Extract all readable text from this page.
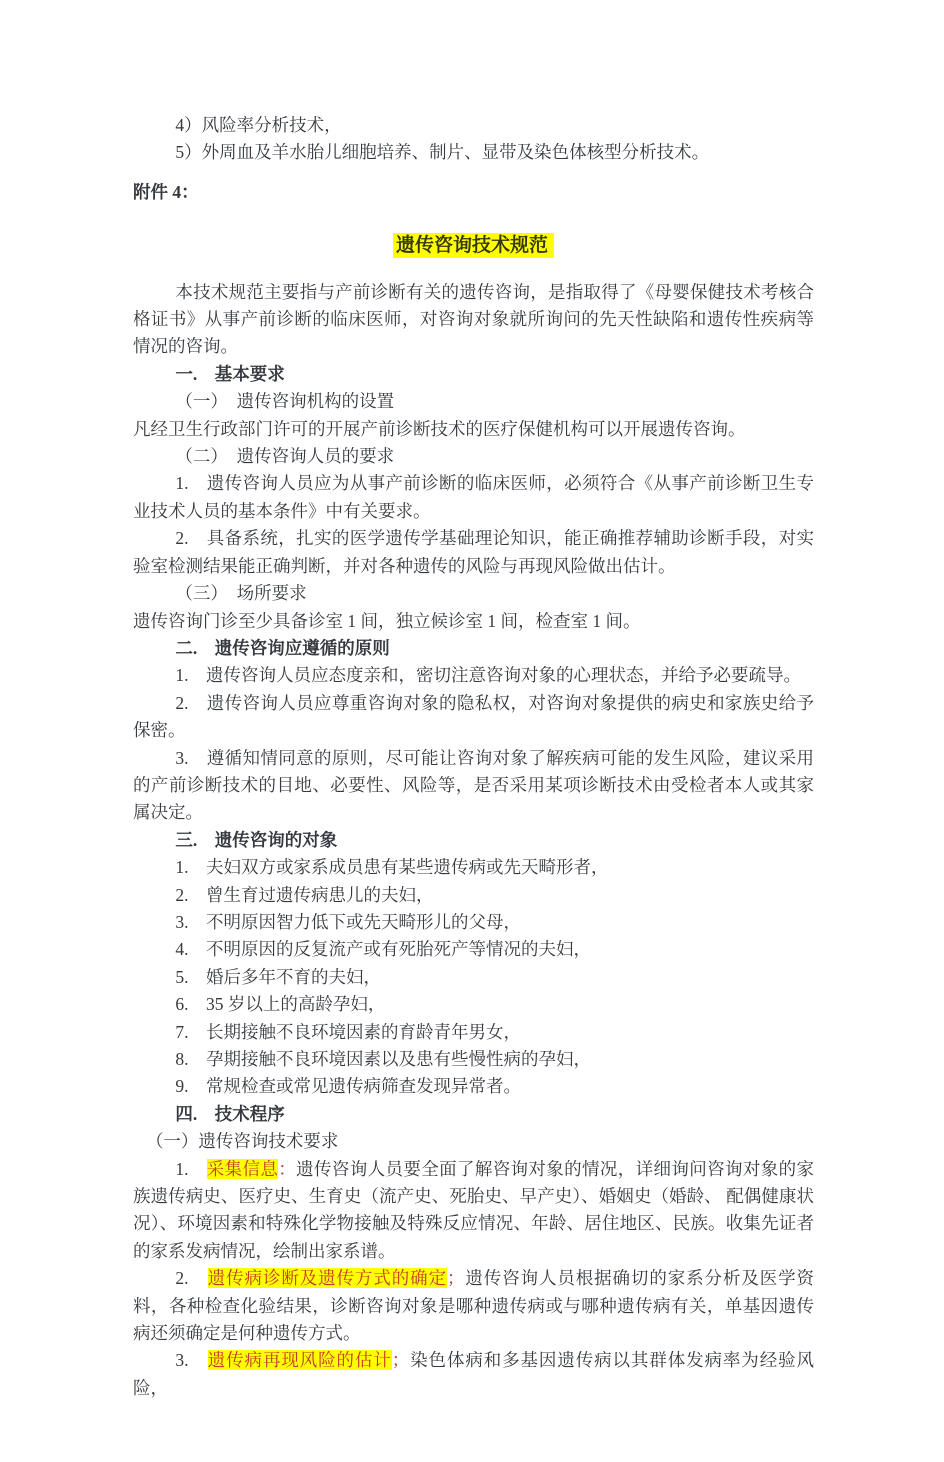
4）风险率分析技术，

5）外周血及羊水胎儿细胞培养、制片、显带及染色体核型分析技术。

附件 4：

遗传咨询技术规范

本技术规范主要指与产前诊断有关的遗传咨询，是指取得了《母婴保健技术考核合格证书》从事产前诊断的临床医师，对咨询对象就所询问的先天性缺陷和遗传性疾病等情况的咨询。

一.　基本要求

（一）　遗传咨询机构的设置

凡经卫生行政部门许可的开展产前诊断技术的医疗保健机构可以开展遗传咨询。

（二）　遗传咨询人员的要求

1.　遗传咨询人员应为从事产前诊断的临床医师，必须符合《从事产前诊断卫生专业技术人员的基本条件》中有关要求。

2.　具备系统，扎实的医学遗传学基础理论知识，能正确推荐辅助诊断手段，对实验室检测结果能正确判断，并对各种遗传的风险与再现风险做出估计。

（三）　场所要求

遗传咨询门诊至少具备诊室 1 间，独立候诊室 1 间，检查室 1 间。

二.　遗传咨询应遵循的原则

1.　遗传咨询人员应态度亲和，密切注意咨询对象的心理状态，并给予必要疏导。

2.　遗传咨询人员应尊重咨询对象的隐私权，对咨询对象提供的病史和家族史给予保密。

3.　遵循知情同意的原则，尽可能让咨询对象了解疾病可能的发生风险，建议采用的产前诊断技术的目地、必要性、风险等，是否采用某项诊断技术由受检者本人或其家属决定。

三.　遗传咨询的对象

1.　夫妇双方或家系成员患有某些遗传病或先天畸形者，

2.　曾生育过遗传病患儿的夫妇，

3.　不明原因智力低下或先天畸形儿的父母，

4.　不明原因的反复流产或有死胎死产等情况的夫妇，

5.　婚后多年不育的夫妇，

6.　35 岁以上的高龄孕妇，

7.　长期接触不良环境因素的育龄青年男女，

8.　孕期接触不良环境因素以及患有些慢性病的孕妇，

9.　常规检查或常见遗传病筛查发现异常者。

四.　技术程序

（一）遗传咨询技术要求

1.　采集信息：遗传咨询人员要全面了解咨询对象的情况，详细询问咨询对象的家族遗传病史、医疗史、生育史（流产史、死胎史、早产史）、婚姻史（婚龄、 配偶健康状况）、环境因素和特殊化学物接触及特殊反应情况、年龄、居住地区、民族。收集先证者的家系发病情况，绘制出家系谱。

2.　遗传病诊断及遗传方式的确定；遗传咨询人员根据确切的家系分析及医学资料，各种检查化验结果，诊断咨询对象是哪种遗传病或与哪种遗传病有关，单基因遗传病还须确定是何种遗传方式。

3.　遗传病再现风险的估计；染色体病和多基因遗传病以其群体发病率为经验风险，
